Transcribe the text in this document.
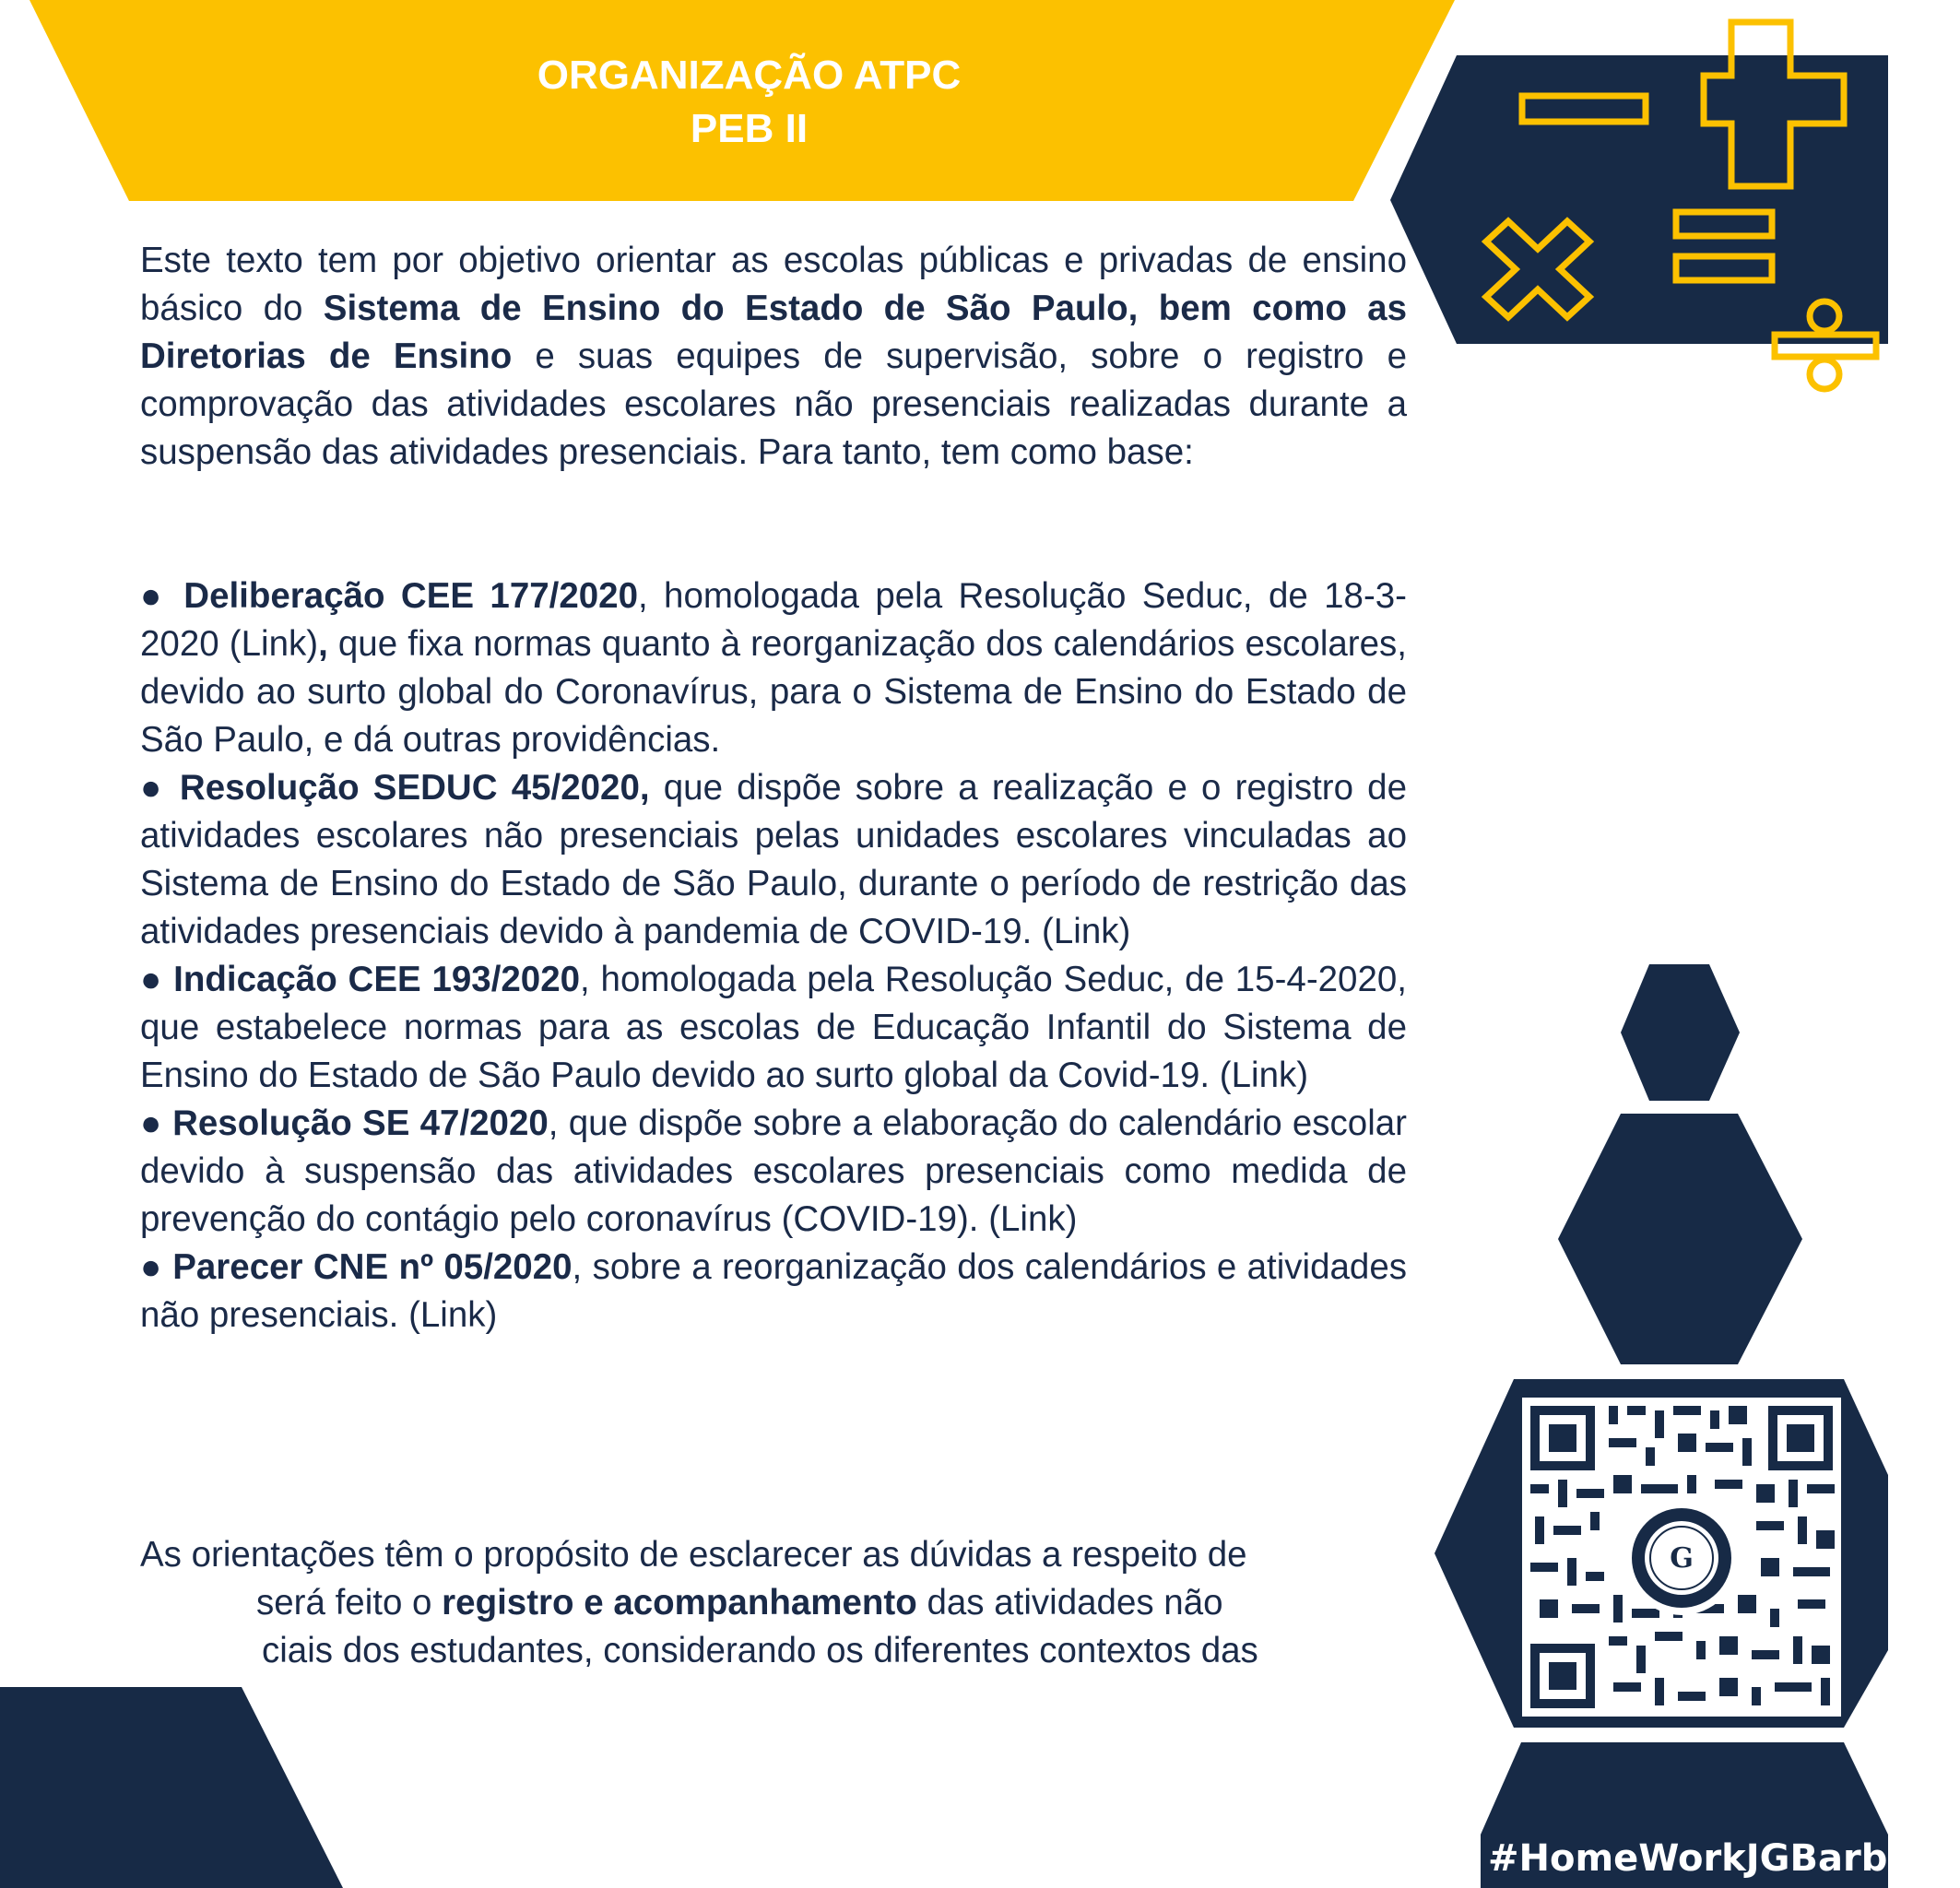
G
ORGANIZAÇÃO ATPC
PEB II

Este texto tem por objetivo orientar as escolas públicas e privadas de ensino básico do Sistema de Ensino do Estado de São Paulo, bem como as Diretorias de Ensino e suas equipes de supervisão, sobre o registro e comprovação das atividades escolares não presenciais realizadas durante a suspensão das atividades presenciais. Para tanto, tem como base:

● Deliberação CEE 177/2020, homologada pela Resolução Seduc, de 18-3- 2020 (Link), que fixa normas quanto à reorganização dos calendários escolares, devido ao surto global do Coronavírus, para o Sistema de Ensino do Estado de São Paulo, e dá outras providências.

● Resolução SEDUC 45/2020, que dispõe sobre a realização e o registro de atividades escolares não presenciais pelas unidades escolares vinculadas ao Sistema de Ensino do Estado de São Paulo, durante o período de restrição das atividades presenciais devido à pandemia de COVID-19. (Link)

● Indicação CEE 193/2020, homologada pela Resolução Seduc, de 15-4-2020, que estabelece normas para as escolas de Educação Infantil do Sistema de Ensino do Estado de São Paulo devido ao surto global da Covid-19. (Link)

● Resolução SE 47/2020, que dispõe sobre a elaboração do calendário escolar devido à suspensão das atividades escolares presenciais como medida de prevenção do contágio pelo coronavírus (COVID-19). (Link)

● Parecer CNE nº 05/2020, sobre a reorganização dos calendários e atividades não presenciais. (Link)

As orientações têm o propósito de esclarecer as dúvidas a respeito de

será feito o registro e acompanhamento das atividades não

ciais dos estudantes, considerando os diferentes contextos das

#HomeWorkJGBarbosa
